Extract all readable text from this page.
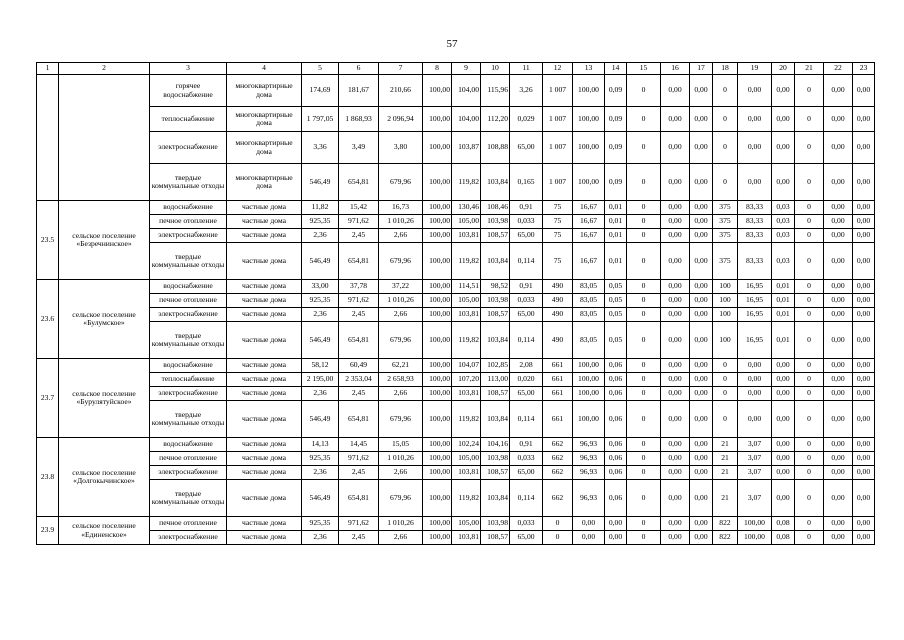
57
1	2	3	4	5	6	7	8	9	10	11	12	13	14	15	16	17	18	19	20	21	22	23
		горячее водоснабжение	многоквартирные дома	174,69	181,67	210,66	100,00	104,00	115,96	3,26	1 007	100,00	0,09	0	0,00	0,00	0	0,00	0,00	0	0,00	0,00
		теплоснабжение	многоквартирные дома	1 797,05	1 868,93	2 096,94	100,00	104,00	112,20	0,029	1 007	100,00	0,09	0	0,00	0,00	0	0,00	0,00	0	0,00	0,00
		электроснабжение	многоквартирные дома	3,36	3,49	3,80	100,00	103,87	108,88	65,00	1 007	100,00	0,09	0	0,00	0,00	0	0,00	0,00	0	0,00	0,00
		твердые коммунальные отходы	многоквартирные дома	546,49	654,81	679,96	100,00	119,82	103,84	0,165	1 007	100,00	0,09	0	0,00	0,00	0	0,00	0,00	0	0,00	0,00
23.5	сельское поселение «Безречнинское»	водоснабжение	частные дома	11,82	15,42	16,73	100,00	130,46	108,46	0,91	75	16,67	0,01	0	0,00	0,00	375	83,33	0,03	0	0,00	0,00
		печное отопление	частные дома	925,35	971,62	1 010,26	100,00	105,00	103,98	0,033	75	16,67	0,01	0	0,00	0,00	375	83,33	0,03	0	0,00	0,00
		электроснабжение	частные дома	2,36	2,45	2,66	100,00	103,81	108,57	65,00	75	16,67	0,01	0	0,00	0,00	375	83,33	0,03	0	0,00	0,00
		твердые коммунальные отходы	частные дома	546,49	654,81	679,96	100,00	119,82	103,84	0,114	75	16,67	0,01	0	0,00	0,00	375	83,33	0,03	0	0,00	0,00
23.6	сельское поселение «Булумское»	водоснабжение	частные дома	33,00	37,78	37,22	100,00	114,51	98,52	0,91	490	83,05	0,05	0	0,00	0,00	100	16,95	0,01	0	0,00	0,00
		печное отопление	частные дома	925,35	971,62	1 010,26	100,00	105,00	103,98	0,033	490	83,05	0,05	0	0,00	0,00	100	16,95	0,01	0	0,00	0,00
		электроснабжение	частные дома	2,36	2,45	2,66	100,00	103,81	108,57	65,00	490	83,05	0,05	0	0,00	0,00	100	16,95	0,01	0	0,00	0,00
		твердые коммунальные отходы	частные дома	546,49	654,81	679,96	100,00	119,82	103,84	0,114	490	83,05	0,05	0	0,00	0,00	100	16,95	0,01	0	0,00	0,00
23.7	сельское поселение «Бурулятуйское»	водоснабжение	частные дома	58,12	60,49	62,21	100,00	104,07	102,85	2,08	661	100,00	0,06	0	0,00	0,00	0	0,00	0,00	0	0,00	0,00
		теплоснабжение	частные дома	2 195,00	2 353,04	2 658,93	100,00	107,20	113,00	0,020	661	100,00	0,06	0	0,00	0,00	0	0,00	0,00	0	0,00	0,00
		электроснабжение	частные дома	2,36	2,45	2,66	100,00	103,81	108,57	65,00	661	100,00	0,06	0	0,00	0,00	0	0,00	0,00	0	0,00	0,00
		твердые коммунальные отходы	частные дома	546,49	654,81	679,96	100,00	119,82	103,84	0,114	661	100,00	0,06	0	0,00	0,00	0	0,00	0,00	0	0,00	0,00
23.8	сельское поселение «Долгокычинское»	водоснабжение	частные дома	14,13	14,45	15,05	100,00	102,24	104,16	0,91	662	96,93	0,06	0	0,00	0,00	21	3,07	0,00	0	0,00	0,00
		печное отопление	частные дома	925,35	971,62	1 010,26	100,00	105,00	103,98	0,033	662	96,93	0,06	0	0,00	0,00	21	3,07	0,00	0	0,00	0,00
		электроснабжение	частные дома	2,36	2,45	2,66	100,00	103,81	108,57	65,00	662	96,93	0,06	0	0,00	0,00	21	3,07	0,00	0	0,00	0,00
		твердые коммунальные отходы	частные дома	546,49	654,81	679,96	100,00	119,82	103,84	0,114	662	96,93	0,06	0	0,00	0,00	21	3,07	0,00	0	0,00	0,00
23.9	сельское поселение «Единенское»	печное отопление	частные дома	925,35	971,62	1 010,26	100,00	105,00	103,98	0,033	0	0,00	0,00	0	0,00	0,00	822	100,00	0,08	0	0,00	0,00
		электроснабжение	частные дома	2,36	2,45	2,66	100,00	103,81	108,57	65,00	0	0,00	0,00	0	0,00	0,00	822	100,00	0,08	0	0,00	0,00
